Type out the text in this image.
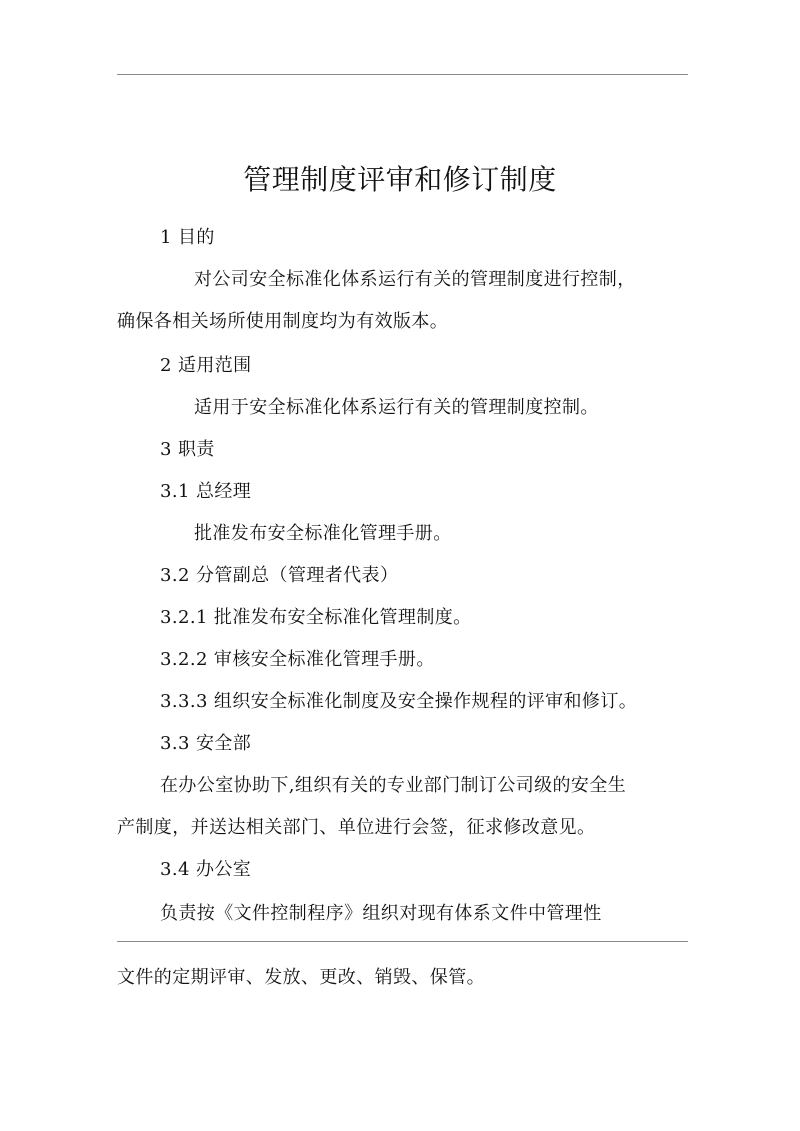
管理制度评审和修订制度
1 目的
对公司安全标准化体系运行有关的管理制度进行控制，
确保各相关场所使用制度均为有效版本。
2 适用范围
适用于安全标准化体系运行有关的管理制度控制。
3 职责
3.1 总经理
批准发布安全标准化管理手册。
3.2 分管副总（管理者代表）
3.2.1 批准发布安全标准化管理制度。
3.2.2 审核安全标准化管理手册。
3.3.3 组织安全标准化制度及安全操作规程的评审和修订。
3.3 安全部
在办公室协助下,组织有关的专业部门制订公司级的安全生
产制度，并送达相关部门、单位进行会签，征求修改意见。
3.4 办公室
负责按《文件控制程序》组织对现有体系文件中管理性
文件的定期评审、发放、更改、销毁、保管。
